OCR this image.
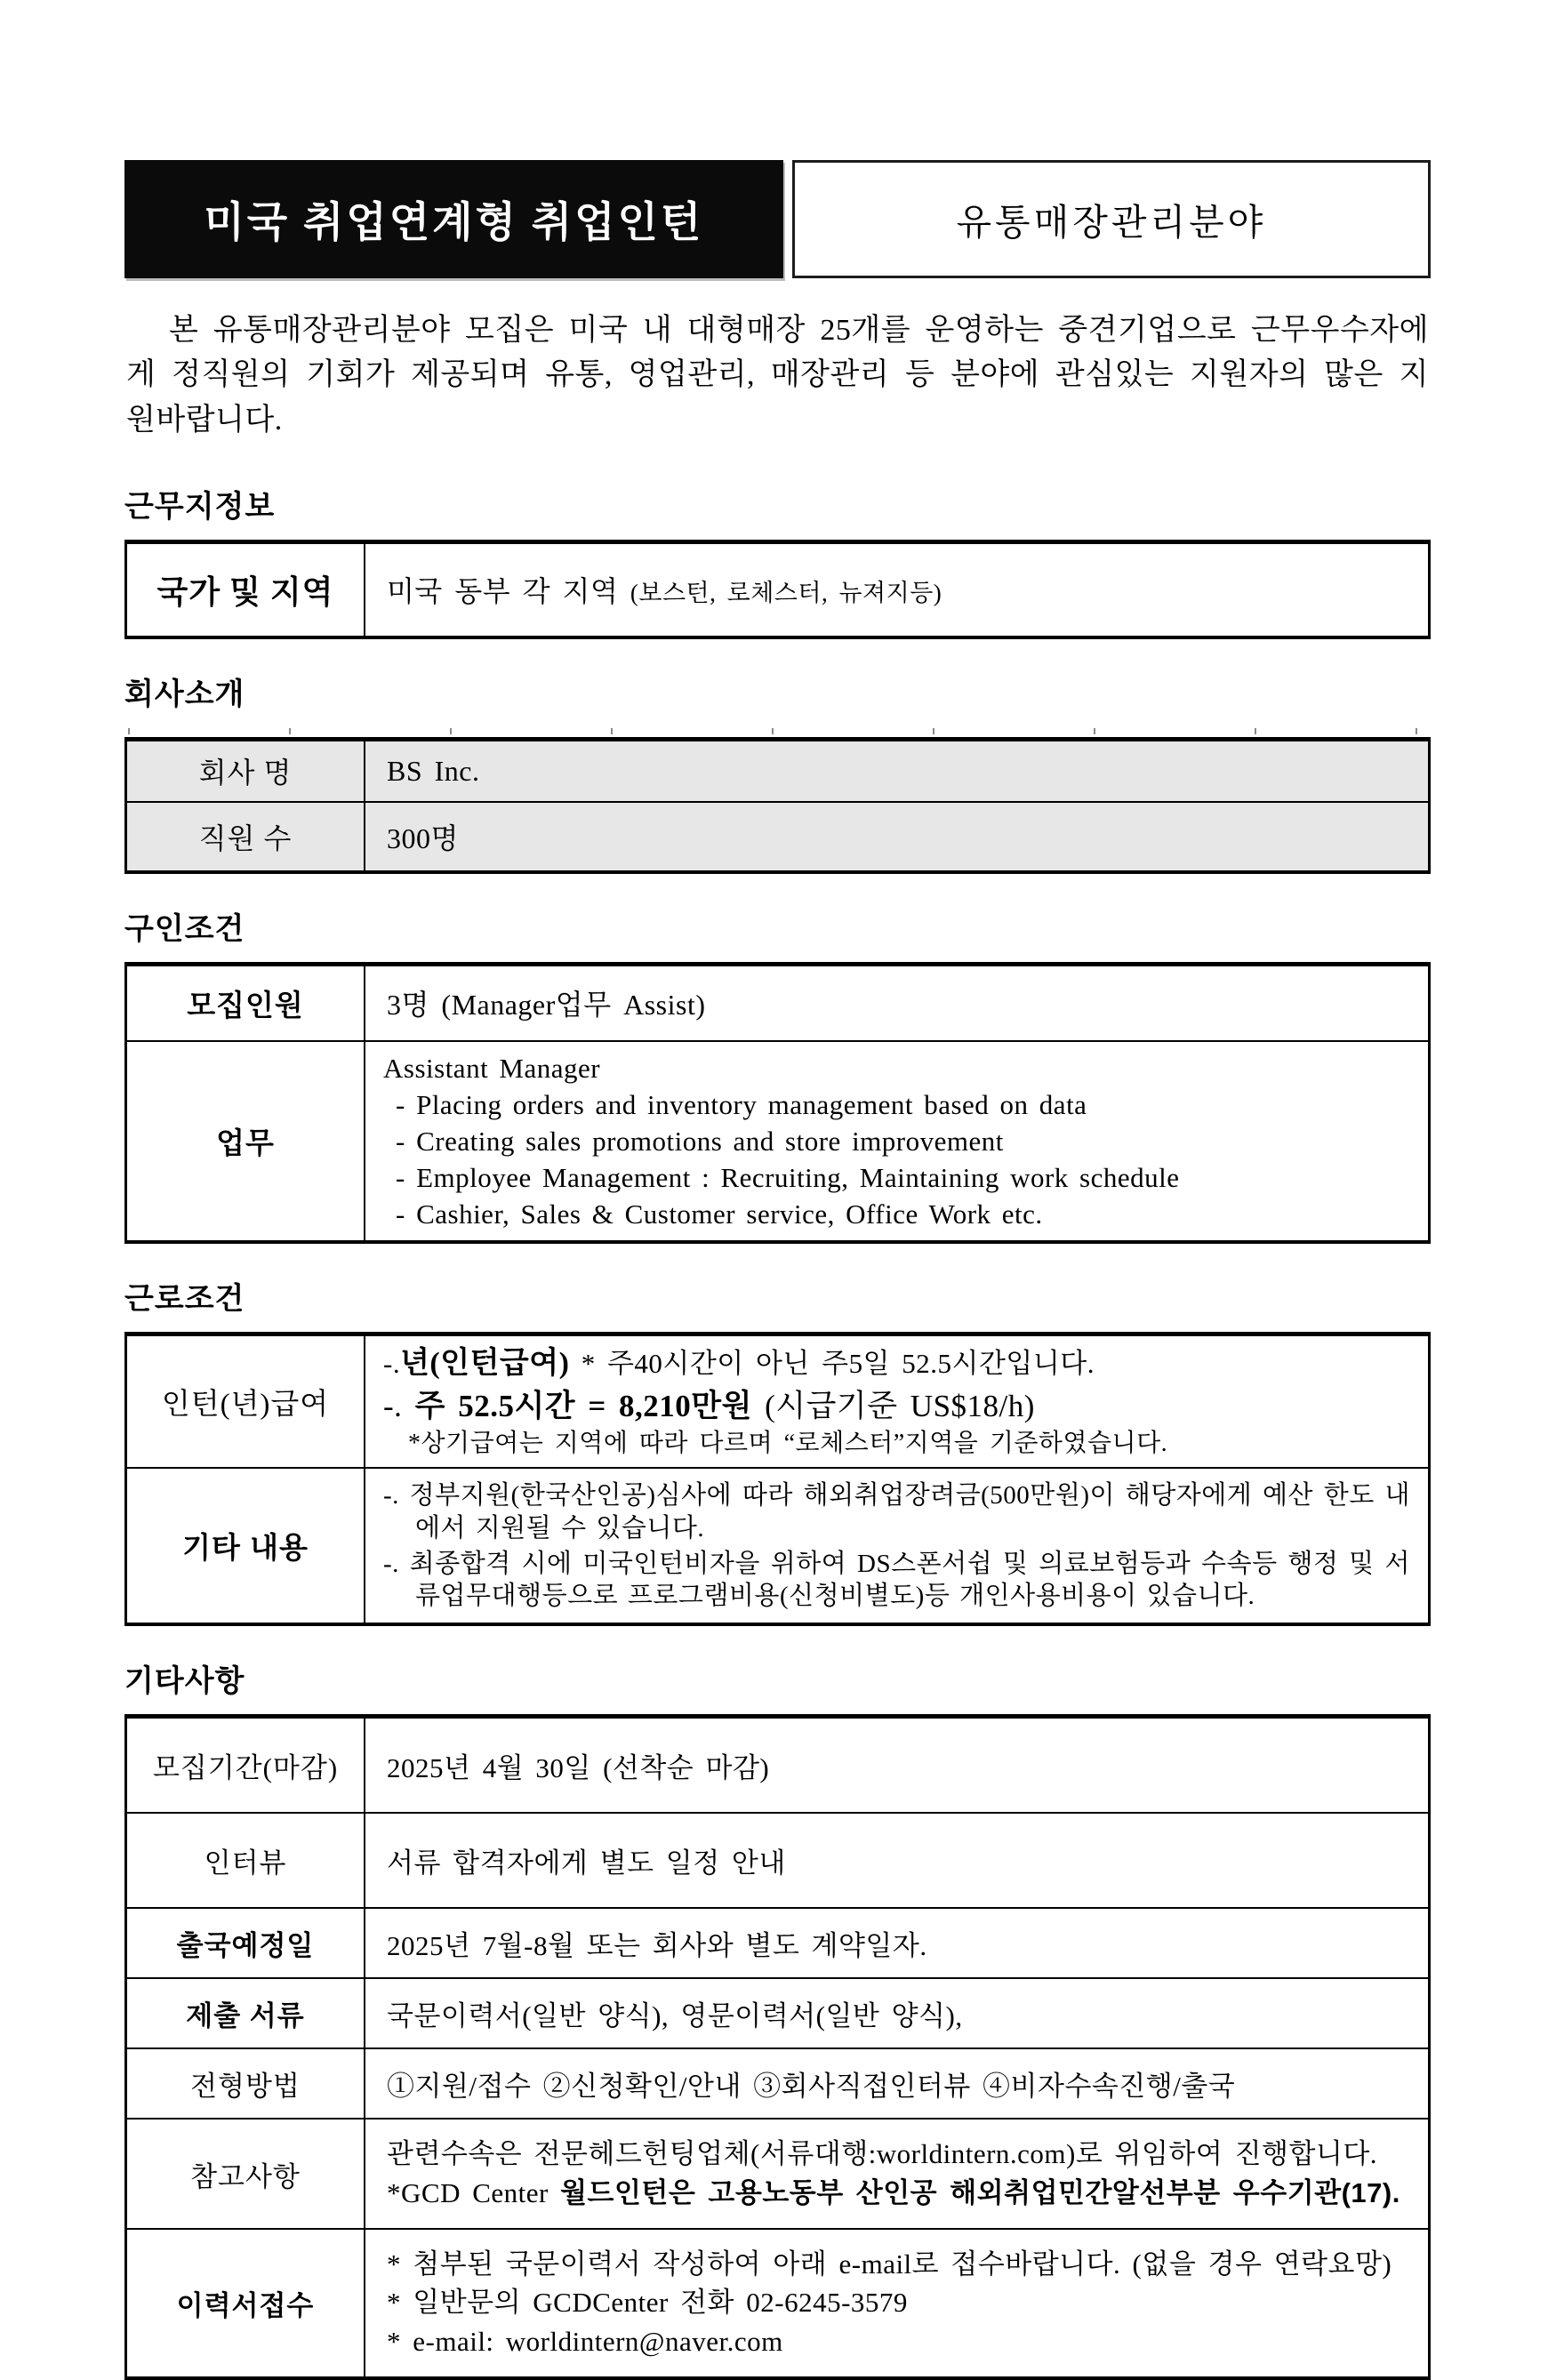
미국 취업연계형 취업인턴	유통매장관리분야

본 유통매장관리분야 모집은 미국 내 대형매장 25개를 운영하는 중견기업으로 근무우수자에게 정직원의 기회가 제공되며 유통, 영업관리, 매장관리 등 분야에 관심있는 지원자의 많은 지원바랍니다.

근무지정보
국가 및 지역	미국 동부 각 지역 (보스턴, 로체스터, 뉴져지등)
회사소개
회사 명	BS Inc.
직원 수	300명
구인조건
모집인원	3명 (Manager업무 Assist)
업무	Assistant Manager

- Placing orders and inventory management based on data

- Creating sales promotions and store improvement

- Employee Management : Recruiting, Maintaining work schedule

- Cashier, Sales & Customer service, Office Work etc.

근로조건
인턴(년)급여	-.년(인턴급여) * 주40시간이 아닌 주5일 52.5시간입니다.

-. 주 52.5시간 = 8,210만원 (시급기준 US$18/h)

*상기급여는 지역에 따라 다르며 “로체스터”지역을 기준하였습니다.

기타 내용	-. 정부지원(한국산인공)심사에 따라 해외취업장려금(500만원)이 해당자에게 예산 한도 내에서 지원될 수 있습니다.

-. 최종합격 시에 미국인턴비자을 위하여 DS스폰서쉽 및 의료보험등과 수속등 행정 및 서류업무대행등으로 프로그램비용(신청비별도)등 개인사용비용이 있습니다.

기타사항
모집기간(마감)	2025년 4월 30일 (선착순 마감)
인터뷰	서류 합격자에게 별도 일정 안내
출국예정일	2025년 7월-8월 또는 회사와 별도 계약일자.
제출 서류	국문이력서(일반 양식), 영문이력서(일반 양식),
전형방법	①지원/접수 ②신청확인/안내 ③회사직접인터뷰 ④비자수속진행/출국
참고사항	관련수속은 전문헤드헌팅업체(서류대행:worldintern.com)로 위임하여 진행합니다.

*GCD Center 월드인턴은 고용노동부 산인공 해외취업민간알선부분 우수기관(17).

이력서접수	* 첨부된 국문이력서 작성하여 아래 e-mail로 접수바랍니다. (없을 경우 연락요망)

* 일반문의 GCDCenter 전화 02-6245-3579

* e-mail: worldintern@naver.com
